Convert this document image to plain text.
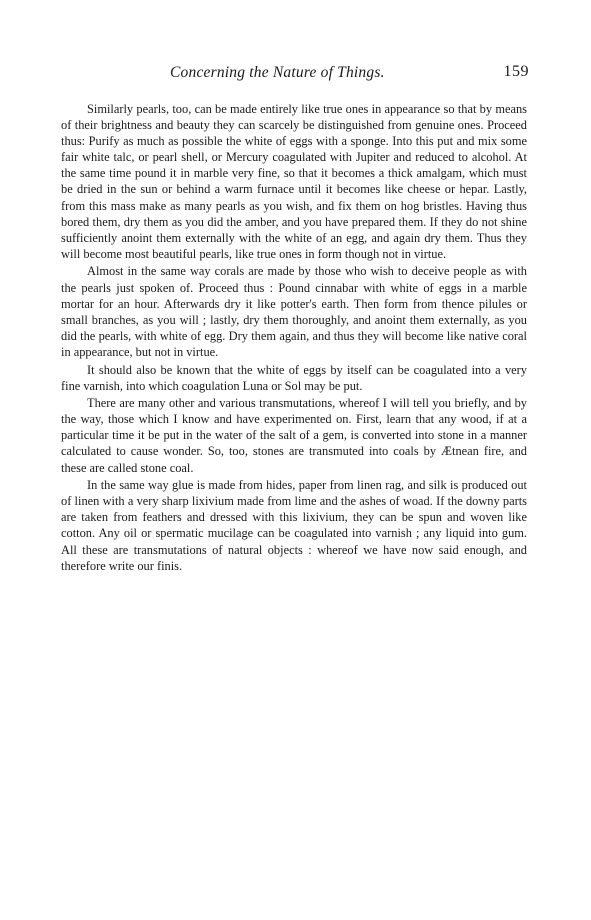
Concerning the Nature of Things.	159

Similarly pearls, too, can be made entirely like true ones in appearance so that by means of their brightness and beauty they can scarcely be distinguished from genuine ones. Proceed thus: Purify as much as possible the white of eggs with a sponge. Into this put and mix some fair white talc, or pearl shell, or Mercury coagulated with Jupiter and reduced to alcohol. At the same time pound it in marble very fine, so that it becomes a thick amalgam, which must be dried in the sun or behind a warm furnace until it becomes like cheese or hepar. Lastly, from this mass make as many pearls as you wish, and fix them on hog bristles. Having thus bored them, dry them as you did the amber, and you have prepared them. If they do not shine sufficiently anoint them externally with the white of an egg, and again dry them. Thus they will become most beautiful pearls, like true ones in form though not in virtue.

Almost in the same way corals are made by those who wish to deceive people as with the pearls just spoken of. Proceed thus : Pound cinnabar with white of eggs in a marble mortar for an hour. Afterwards dry it like potter's earth. Then form from thence pilules or small branches, as you will ; lastly, dry them thoroughly, and anoint them externally, as you did the pearls, with white of egg. Dry them again, and thus they will become like native coral in appearance, but not in virtue.

It should also be known that the white of eggs by itself can be coagulated into a very fine varnish, into which coagulation Luna or Sol may be put.

There are many other and various transmutations, whereof I will tell you briefly, and by the way, those which I know and have experimented on. First, learn that any wood, if at a particular time it be put in the water of the salt of a gem, is converted into stone in a manner calculated to cause wonder. So, too, stones are transmuted into coals by Ætnean fire, and these are called stone coal.

In the same way glue is made from hides, paper from linen rag, and silk is produced out of linen with a very sharp lixivium made from lime and the ashes of woad. If the downy parts are taken from feathers and dressed with this lixivium, they can be spun and woven like cotton. Any oil or spermatic mucilage can be coagulated into varnish ; any liquid into gum. All these are transmutations of natural objects : whereof we have now said enough, and therefore write our finis.
